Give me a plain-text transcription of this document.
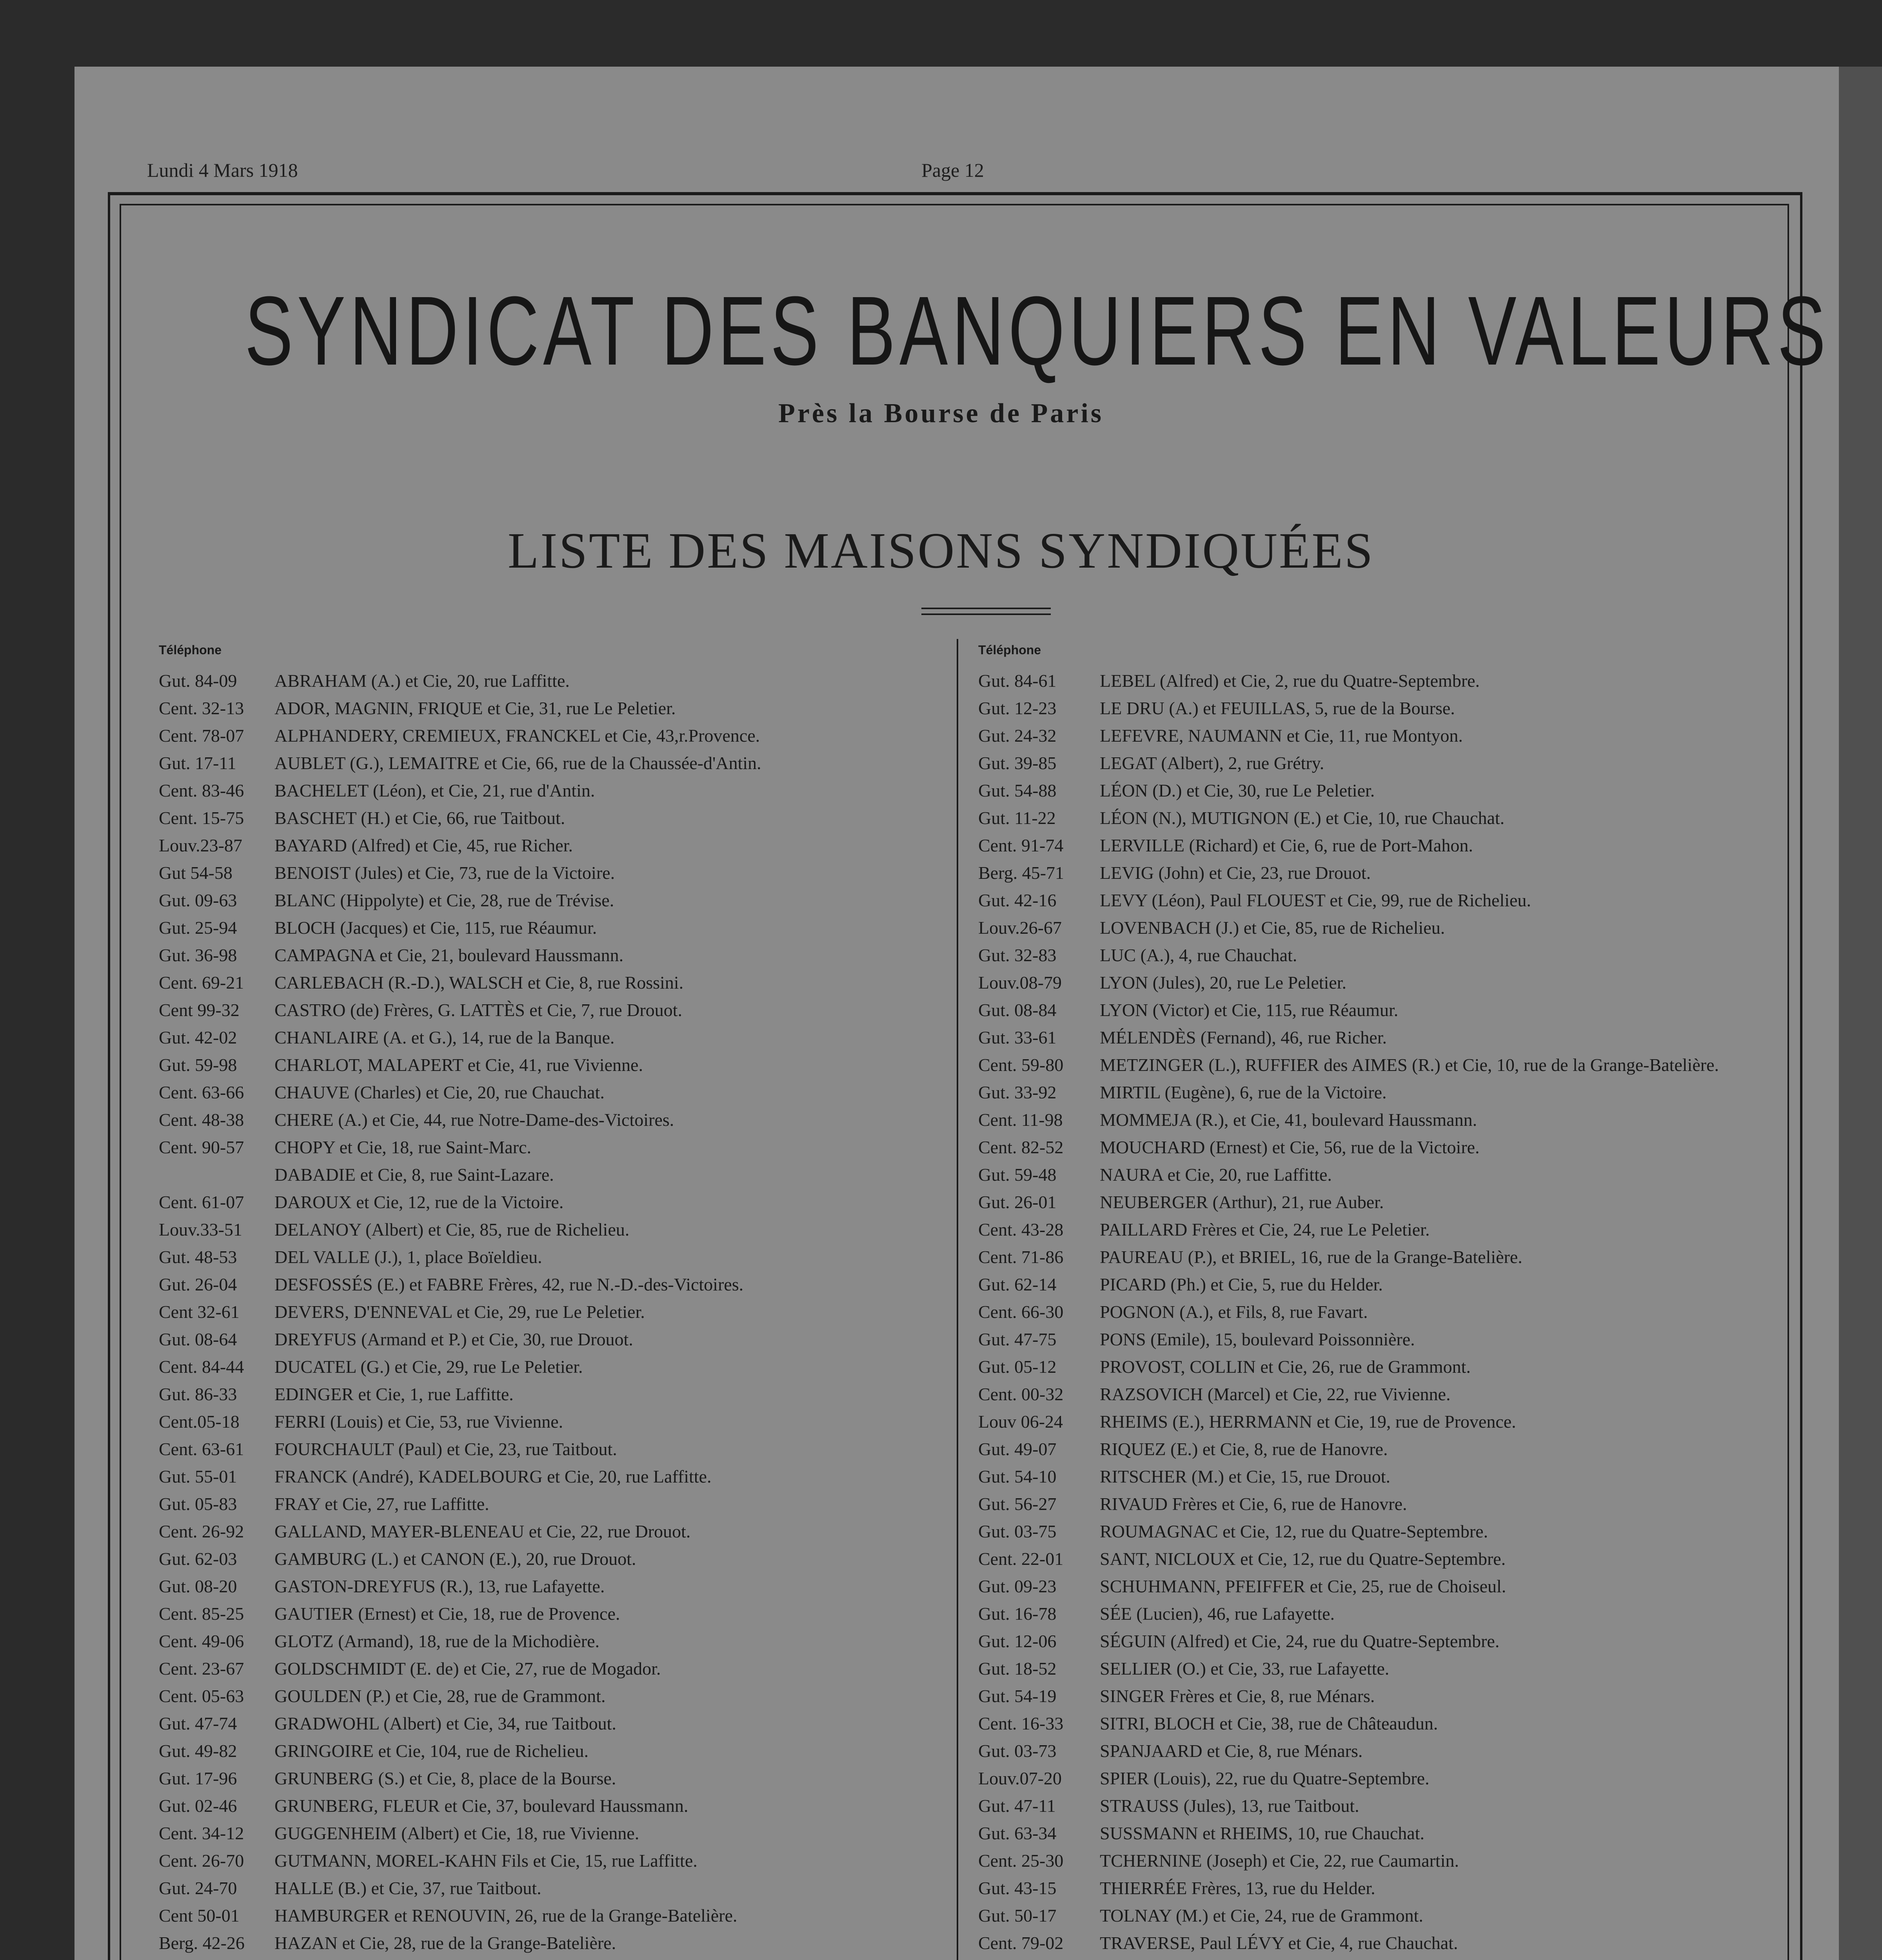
Lundi 4 Mars 1918	Page 12
SYNDICAT DES BANQUIERS EN VALEURS
Près la Bourse de Paris
LISTE DES MAISONS SYNDIQUÉES
Téléphone	Téléphone
Gut. 84-09 ABRAHAM (A.) et Cie, 20, rue Laffitte.
Cent. 32-13 ADOR, MAGNIN, FRIQUE et Cie, 31, rue Le Peletier.
Cent. 78-07 ALPHANDERY, CREMIEUX, FRANCKEL et Cie, 43,r.Provence.
Gut. 17-11 AUBLET (G.), LEMAITRE et Cie, 66, rue de la Chaussée-d'Antin.
Cent. 83-46 BACHELET (Léon), et Cie, 21, rue d'Antin.
Cent. 15-75 BASCHET (H.) et Cie, 66, rue Taitbout.
Louv.23-87 BAYARD (Alfred) et Cie, 45, rue Richer.
Gut 54-58 BENOIST (Jules) et Cie, 73, rue de la Victoire.
Gut. 09-63 BLANC (Hippolyte) et Cie, 28, rue de Trévise.
Gut. 25-94 BLOCH (Jacques) et Cie, 115, rue Réaumur.
Gut. 36-98 CAMPAGNA et Cie, 21, boulevard Haussmann.
Cent. 69-21 CARLEBACH (R.-D.), WALSCH et Cie, 8, rue Rossini.
Cent 99-32 CASTRO (de) Frères, G. LATTÈS et Cie, 7, rue Drouot.
Gut. 42-02 CHANLAIRE (A. et G.), 14, rue de la Banque.
Gut. 59-98 CHARLOT, MALAPERT et Cie, 41, rue Vivienne.
Cent. 63-66 CHAUVE (Charles) et Cie, 20, rue Chauchat.
Cent. 48-38 CHERE (A.) et Cie, 44, rue Notre-Dame-des-Victoires.
Cent. 90-57 CHOPY et Cie, 18, rue Saint-Marc.
DABADIE et Cie, 8, rue Saint-Lazare.
Cent. 61-07 DAROUX et Cie, 12, rue de la Victoire.
Louv.33-51 DELANOY (Albert) et Cie, 85, rue de Richelieu.
Gut. 48-53 DEL VALLE (J.), 1, place Boïeldieu.
Gut. 26-04 DESFOSSÉS (E.) et FABRE Frères, 42, rue N.-D.-des-Victoires.
Cent 32-61 DEVERS, D'ENNEVAL et Cie, 29, rue Le Peletier.
Gut. 08-64 DREYFUS (Armand et P.) et Cie, 30, rue Drouot.
Cent. 84-44 DUCATEL (G.) et Cie, 29, rue Le Peletier.
Gut. 86-33 EDINGER et Cie, 1, rue Laffitte.
Cent.05-18 FERRI (Louis) et Cie, 53, rue Vivienne.
Cent. 63-61 FOURCHAULT (Paul) et Cie, 23, rue Taitbout.
Gut. 55-01 FRANCK (André), KADELBOURG et Cie, 20, rue Laffitte.
Gut. 05-83 FRAY et Cie, 27, rue Laffitte.
Cent. 26-92 GALLAND, MAYER-BLENEAU et Cie, 22, rue Drouot.
Gut. 62-03 GAMBURG (L.) et CANON (E.), 20, rue Drouot.
Gut. 08-20 GASTON-DREYFUS (R.), 13, rue Lafayette.
Cent. 85-25 GAUTIER (Ernest) et Cie, 18, rue de Provence.
Cent. 49-06 GLOTZ (Armand), 18, rue de la Michodière.
Cent. 23-67 GOLDSCHMIDT (E. de) et Cie, 27, rue de Mogador.
Cent. 05-63 GOULDEN (P.) et Cie, 28, rue de Grammont.
Gut. 47-74 GRADWOHL (Albert) et Cie, 34, rue Taitbout.
Gut. 49-82 GRINGOIRE et Cie, 104, rue de Richelieu.
Gut. 17-96 GRUNBERG (S.) et Cie, 8, place de la Bourse.
Gut. 02-46 GRUNBERG, FLEUR et Cie, 37, boulevard Haussmann.
Cent. 34-12 GUGGENHEIM (Albert) et Cie, 18, rue Vivienne.
Cent. 26-70 GUTMANN, MOREL-KAHN Fils et Cie, 15, rue Laffitte.
Gut. 24-70 HALLE (B.) et Cie, 37, rue Taitbout.
Cent 50-01 HAMBURGER et RENOUVIN, 26, rue de la Grange-Batelière.
Berg. 42-26 HAZAN et Cie, 28, rue de la Grange-Batelière.
Gut. 84-61 LEBEL (Alfred) et Cie, 2, rue du Quatre-Septembre.
Gut. 12-23 LE DRU (A.) et FEUILLAS, 5, rue de la Bourse.
Gut. 24-32 LEFEVRE, NAUMANN et Cie, 11, rue Montyon.
Gut. 39-85 LEGAT (Albert), 2, rue Grétry.
Gut. 54-88 LÉON (D.) et Cie, 30, rue Le Peletier.
Gut. 11-22 LÉON (N.), MUTIGNON (E.) et Cie, 10, rue Chauchat.
Cent. 91-74 LERVILLE (Richard) et Cie, 6, rue de Port-Mahon.
Berg. 45-71 LEVIG (John) et Cie, 23, rue Drouot.
Gut. 42-16 LEVY (Léon), Paul FLOUEST et Cie, 99, rue de Richelieu.
Louv.26-67 LOVENBACH (J.) et Cie, 85, rue de Richelieu.
Gut. 32-83 LUC (A.), 4, rue Chauchat.
Louv.08-79 LYON (Jules), 20, rue Le Peletier.
Gut. 08-84 LYON (Victor) et Cie, 115, rue Réaumur.
Gut. 33-61 MÉLENDÈS (Fernand), 46, rue Richer.
Cent. 59-80 METZINGER (L.), RUFFIER des AIMES (R.) et Cie, 10, rue de la Grange-Batelière.
Gut. 33-92 MIRTIL (Eugène), 6, rue de la Victoire.
Cent. 11-98 MOMMEJA (R.), et Cie, 41, boulevard Haussmann.
Cent. 82-52 MOUCHARD (Ernest) et Cie, 56, rue de la Victoire.
Gut. 59-48 NAURA et Cie, 20, rue Laffitte.
Gut. 26-01 NEUBERGER (Arthur), 21, rue Auber.
Cent. 43-28 PAILLARD Frères et Cie, 24, rue Le Peletier.
Cent. 71-86 PAUREAU (P.), et BRIEL, 16, rue de la Grange-Batelière.
Gut. 62-14 PICARD (Ph.) et Cie, 5, rue du Helder.
Cent. 66-30 POGNON (A.), et Fils, 8, rue Favart.
Gut. 47-75 PONS (Emile), 15, boulevard Poissonnière.
Gut. 05-12 PROVOST, COLLIN et Cie, 26, rue de Grammont.
Cent. 00-32 RAZSOVICH (Marcel) et Cie, 22, rue Vivienne.
Louv 06-24 RHEIMS (E.), HERRMANN et Cie, 19, rue de Provence.
Gut. 49-07 RIQUEZ (E.) et Cie, 8, rue de Hanovre.
Gut. 54-10 RITSCHER (M.) et Cie, 15, rue Drouot.
Gut. 56-27 RIVAUD Frères et Cie, 6, rue de Hanovre.
Gut. 03-75 ROUMAGNAC et Cie, 12, rue du Quatre-Septembre.
Cent. 22-01 SANT, NICLOUX et Cie, 12, rue du Quatre-Septembre.
Gut. 09-23 SCHUHMANN, PFEIFFER et Cie, 25, rue de Choiseul.
Gut. 16-78 SÉE (Lucien), 46, rue Lafayette.
Gut. 12-06 SÉGUIN (Alfred) et Cie, 24, rue du Quatre-Septembre.
Gut. 18-52 SELLIER (O.) et Cie, 33, rue Lafayette.
Gut. 54-19 SINGER Frères et Cie, 8, rue Ménars.
Cent. 16-33 SITRI, BLOCH et Cie, 38, rue de Châteaudun.
Gut. 03-73 SPANJAARD et Cie, 8, rue Ménars.
Louv.07-20 SPIER (Louis), 22, rue du Quatre-Septembre.
Gut. 47-11 STRAUSS (Jules), 13, rue Taitbout.
Gut. 63-34 SUSSMANN et RHEIMS, 10, rue Chauchat.
Cent. 25-30 TCHERNINE (Joseph) et Cie, 22, rue Caumartin.
Gut. 43-15 THIERRÉE Frères, 13, rue du Helder.
Gut. 50-17 TOLNAY (M.) et Cie, 24, rue de Grammont.
Cent. 79-02 TRAVERSE, Paul LÉVY et Cie, 4, rue Chauchat.
